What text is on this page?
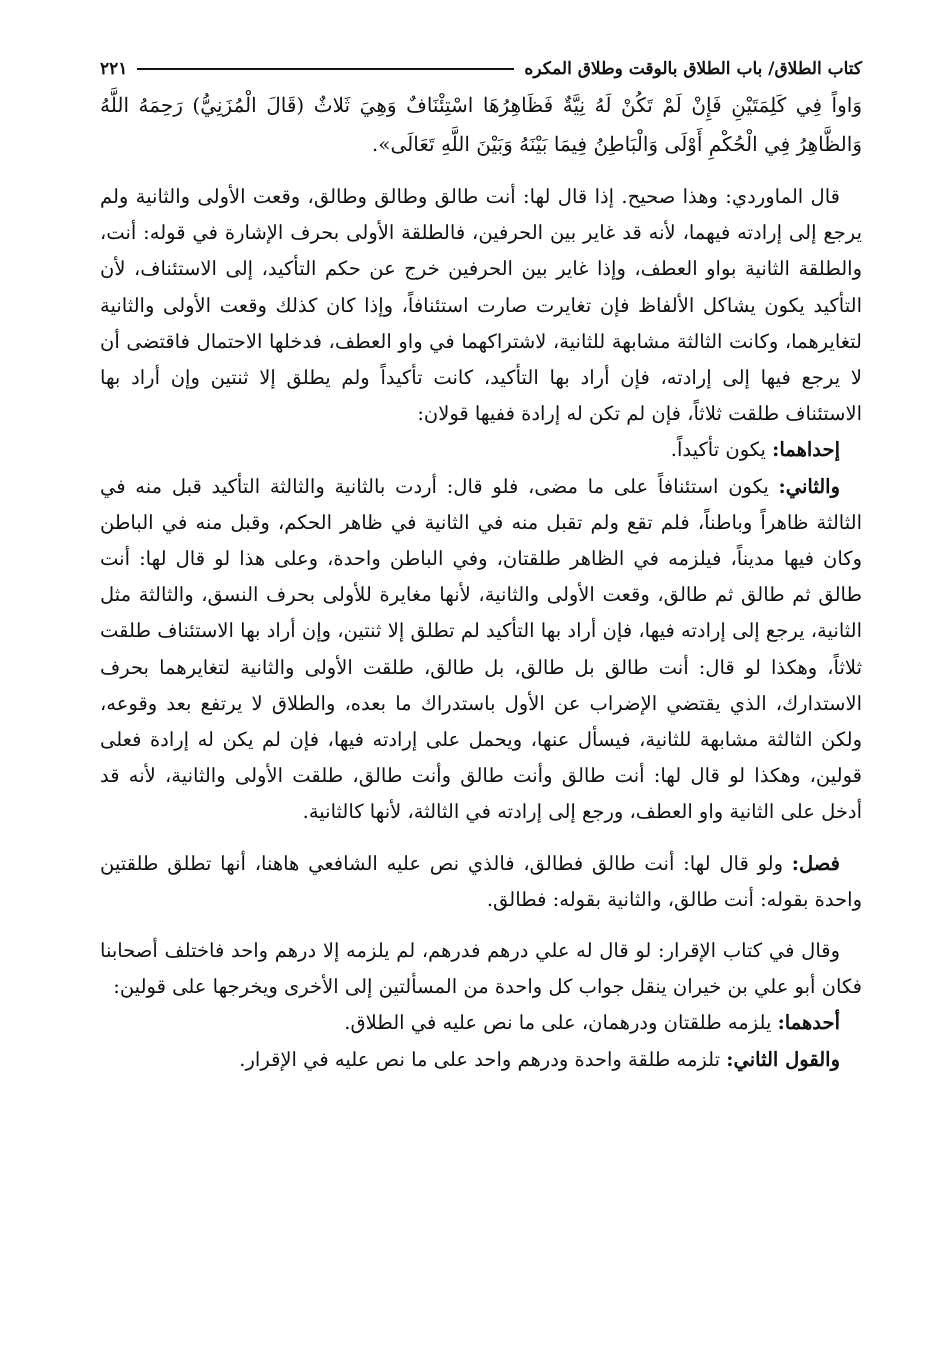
كتاب الطلاق/ باب الطلاق بالوقت وطلاق المكره
٢٢١

وَاواً فِي كَلِمَتَيْنِ فَإِنْ لَمْ تَكُنْ لَهُ نِيَّةٌ فَظَاهِرُهَا اسْتِئْنَافٌ وَهِيَ ثَلاثٌ (قَالَ الْمُزَنِيُّ) رَحِمَهُ اللَّهُ وَالظَّاهِرُ فِي الْحُكْمِ أَوْلَى وَالْبَاطِنُ فِيمَا بَيْنَهُ وَبَيْنَ اللَّهِ تَعَالَى».

قال الماوردي: وهذا صحيح. إذا قال لها: أنت طالق وطالق وطالق، وقعت الأولى والثانية ولم يرجع إلى إرادته فيهما، لأنه قد غاير بين الحرفين، فالطلقة الأولى بحرف الإشارة في قوله: أنت، والطلقة الثانية بواو العطف، وإذا غاير بين الحرفين خرج عن حكم التأكيد، إلى الاستئناف، لأن التأكيد يكون يشاكل الألفاظ فإن تغايرت صارت استئنافاً، وإذا كان كذلك وقعت الأولى والثانية لتغايرهما، وكانت الثالثة مشابهة للثانية، لاشتراكهما في واو العطف، فدخلها الاحتمال فاقتضى أن لا يرجع فيها إلى إرادته، فإن أراد بها التأكيد، كانت تأكيداً ولم يطلق إلا ثنتين وإن أراد بها الاستئناف طلقت ثلاثاً، فإن لم تكن له إرادة ففيها قولان:

إحداهما: يكون تأكيداً.

والثاني: يكون استئنافاً على ما مضى، فلو قال: أردت بالثانية والثالثة التأكيد قبل منه في الثالثة ظاهراً وباطناً، فلم تقع ولم تقبل منه في الثانية في ظاهر الحكم، وقبل منه في الباطن وكان فيها مديناً، فيلزمه في الظاهر طلقتان، وفي الباطن واحدة، وعلى هذا لو قال لها: أنت طالق ثم طالق ثم طالق، وقعت الأولى والثانية، لأنها مغايرة للأولى بحرف النسق، والثالثة مثل الثانية، يرجع إلى إرادته فيها، فإن أراد بها التأكيد لم تطلق إلا ثنتين، وإن أراد بها الاستئناف طلقت ثلاثاً، وهكذا لو قال: أنت طالق بل طالق، بل طالق، طلقت الأولى والثانية لتغايرهما بحرف الاستدارك، الذي يقتضي الإضراب عن الأول باستدراك ما بعده، والطلاق لا يرتفع بعد وقوعه، ولكن الثالثة مشابهة للثانية، فيسأل عنها، ويحمل على إرادته فيها، فإن لم يكن له إرادة فعلى قولين، وهكذا لو قال لها: أنت طالق وأنت طالق وأنت طالق، طلقت الأولى والثانية، لأنه قد أدخل على الثانية واو العطف، ورجع إلى إرادته في الثالثة، لأنها كالثانية.

فصل: ولو قال لها: أنت طالق فطالق، فالذي نص عليه الشافعي هاهنا، أنها تطلق طلقتين واحدة بقوله: أنت طالق، والثانية بقوله: فطالق.

وقال في كتاب الإقرار: لو قال له علي درهم فدرهم، لم يلزمه إلا درهم واحد فاختلف أصحابنا فكان أبو علي بن خيران ينقل جواب كل واحدة من المسألتين إلى الأخرى ويخرجها على قولين:

أحدهما: يلزمه طلقتان ودرهمان، على ما نص عليه في الطلاق.

والقول الثاني: تلزمه طلقة واحدة ودرهم واحد على ما نص عليه في الإقرار.
